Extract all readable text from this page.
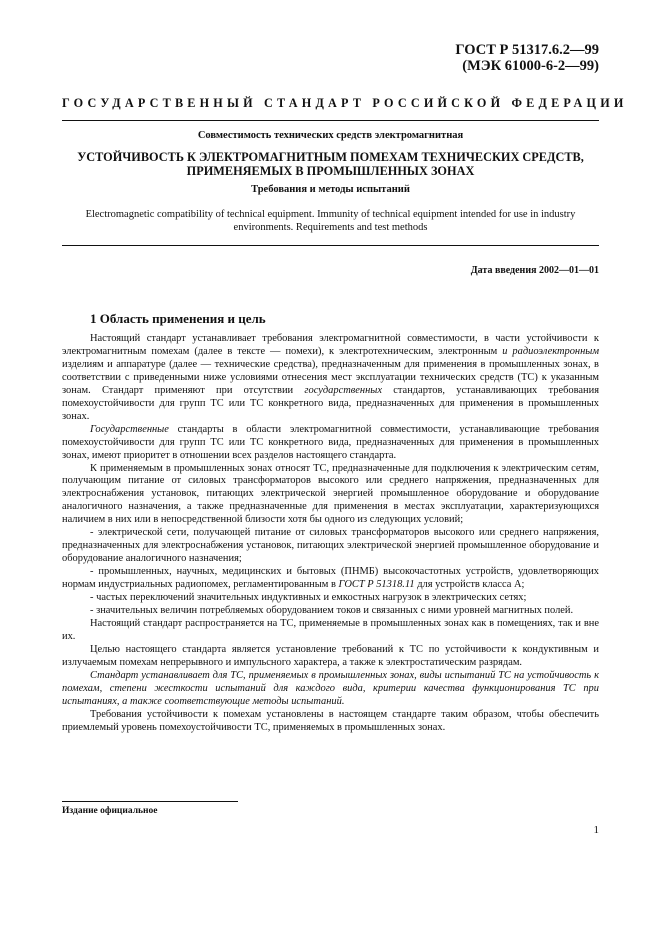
ГОСТ Р 51317.6.2—99
(МЭК 61000-6-2—99)
ГОСУДАРСТВЕННЫЙ СТАНДАРТ РОССИЙСКОЙ ФЕДЕРАЦИИ
Совместимость технических средств электромагнитная
УСТОЙЧИВОСТЬ К ЭЛЕКТРОМАГНИТНЫМ ПОМЕХАМ ТЕХНИЧЕСКИХ СРЕДСТВ,
ПРИМЕНЯЕМЫХ В ПРОМЫШЛЕННЫХ ЗОНАХ
Требования и методы испытаний
Electromagnetic compatibility of technical equipment. Immunity of technical equipment intended for use in industry
environments. Requirements and test methods
Дата введения 2002—01—01
1 Область применения и цель

Настоящий стандарт устанавливает требования электромагнитной совместимости, в части устойчивости к электромагнитным помехам (далее в тексте — помехи), к электротехническим, электронным и радиоэлектронным изделиям и аппаратуре (далее — технические средства), предназначенным для применения в промышленных зонах, в соответствии с приведенными ниже условиями отнесения мест эксплуатации технических средств (ТС) к указанным зонам. Стандарт применяют при отсутствии государственных стандартов, устанавливающих требования помехоустойчивости для групп ТС или ТС конкретного вида, предназначенных для применения в промышленных зонах.

Государственные стандарты в области электромагнитной совместимости, устанавливающие требования помехоустойчивости для групп ТС или ТС конкретного вида, предназначенных для применения в промышленных зонах, имеют приоритет в отношении всех разделов настоящего стандарта.

К применяемым в промышленных зонах относят ТС, предназначенные для подключения к электрическим сетям, получающим питание от силовых трансформаторов высокого или среднего напряжения, предназначенных для электроснабжения установок, питающих электрической энергией промышленное оборудование и оборудование аналогичного назначения, а также предназначенные для применения в местах эксплуатации, характеризующихся наличием в них или в непосредственной близости хотя бы одного из следующих условий;

- электрической сети, получающей питание от силовых трансформаторов высокого или среднего напряжения, предназначенных для электроснабжения установок, питающих электрической энергией промышленное оборудование и оборудование аналогичного назначения;

- промышленных, научных, медицинских и бытовых (ПНМБ) высокочастотных устройств, удовлетворяющих нормам индустриальных радиопомех, регламентированным в ГОСТ Р 51318.11 для устройств класса А;

- частых переключений значительных индуктивных и емкостных нагрузок в электрических сетях;

- значительных величин потребляемых оборудованием токов и связанных с ними уровней магнитных полей.

Настоящий стандарт распространяется на ТС, применяемые в промышленных зонах как в помещениях, так и вне их.

Целью настоящего стандарта является установление требований к ТС по устойчивости к кондуктивным и излучаемым помехам непрерывного и импульсного характера, а также к электростатическим разрядам.

Стандарт устанавливает для ТС, применяемых в промышленных зонах, виды испытаний ТС на устойчивость к помехам, степени жесткости испытаний для каждого вида, критерии качества функционирования ТС при испытаниях, а также соответствующие методы испытаний.

Требования устойчивости к помехам установлены в настоящем стандарте таким образом, чтобы обеспечить приемлемый уровень помехоустойчивости ТС, применяемых в промышленных зонах.

Издание официальное
1
